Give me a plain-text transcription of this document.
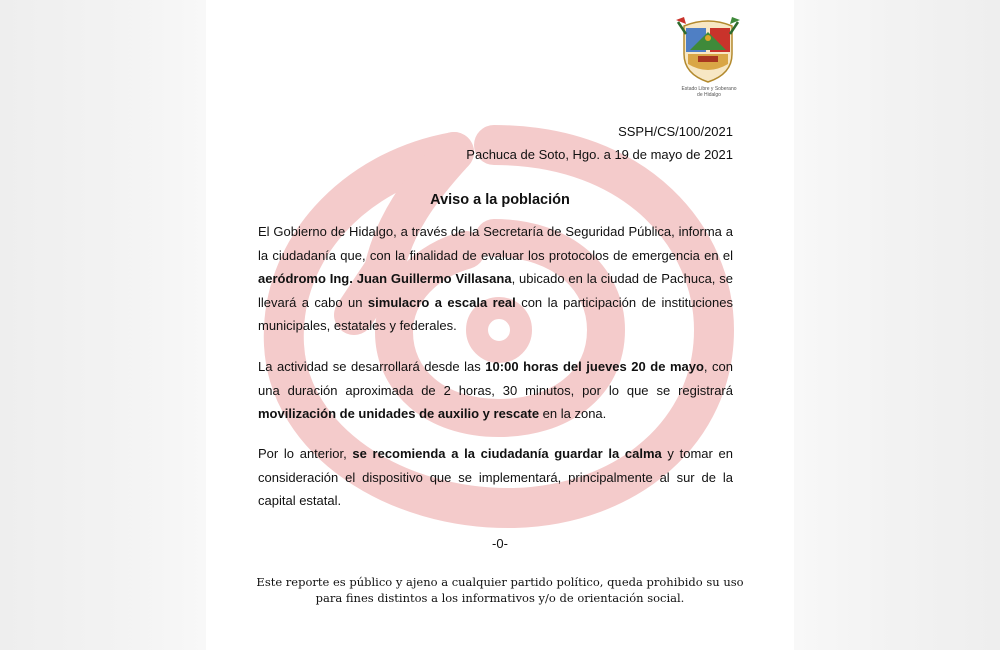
Estado Libre y Soberano
de Hidalgo
SSPH/CS/100/2021
Pachuca de Soto, Hgo. a 19 de mayo de 2021
Aviso a la población

El Gobierno de Hidalgo, a través de la Secretaría de Seguridad Pública, informa a la ciudadanía que, con la finalidad de evaluar los protocolos de emergencia en el aeródromo Ing. Juan Guillermo Villasana, ubicado en la ciudad de Pachuca, se llevará a cabo un simulacro a escala real con la participación de instituciones municipales, estatales y federales.

La actividad se desarrollará desde las 10:00 horas del jueves 20 de mayo, con una duración aproximada de 2 horas, 30 minutos, por lo que se registrará movilización de unidades de auxilio y rescate en la zona.

Por lo anterior, se recomienda a la ciudadanía guardar la calma y tomar en consideración el dispositivo que se implementará, principalmente al sur de la capital estatal.

-0-
Este reporte es público y ajeno a cualquier partido político, queda prohibido su uso
para fines distintos a los informativos y/o de orientación social.
